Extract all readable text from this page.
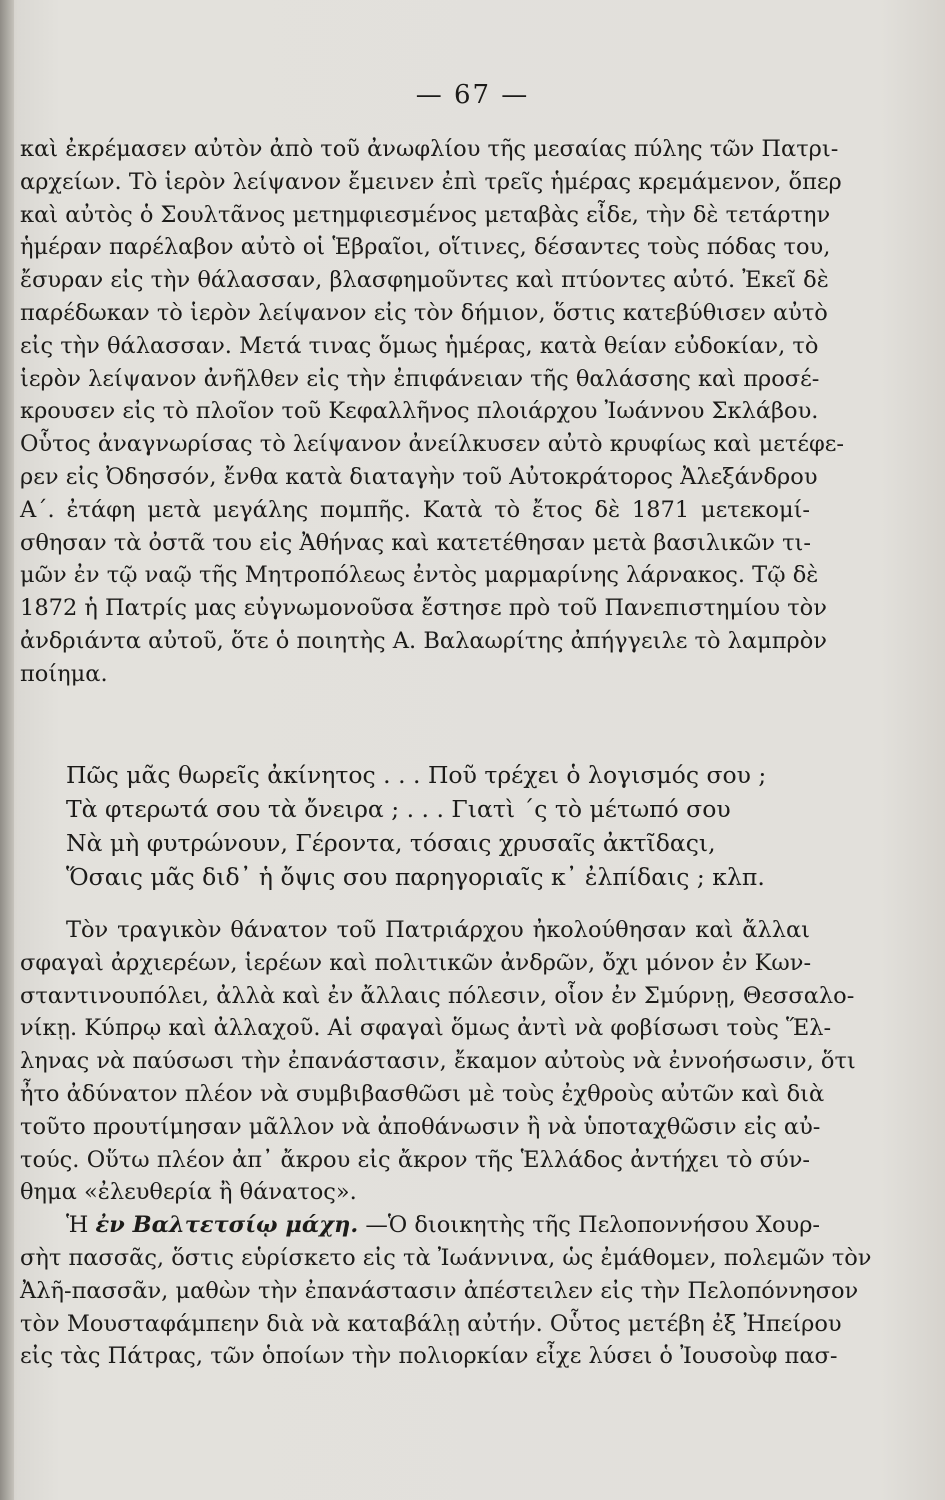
— 67 —
καὶ ἐκρέμασεν αὐτὸν ἀπὸ τοῦ ἀνωφλίου τῆς μεσαίας πύλης τῶν Πατρι-
αρχείων. Τὸ ἱερὸν λείψανον ἔμεινεν ἐπὶ τρεῖς ἡμέρας κρεμάμενον, ὅπερ
καὶ αὐτὸς ὁ Σουλτᾶνος μετημφιεσμένος μεταβὰς εἶδε, τὴν δὲ τετάρτην
ἡμέραν παρέλαβον αὐτὸ οἱ Ἑβραῖοι, οἵτινες, δέσαντες τοὺς πόδας του,
ἔσυραν εἰς τὴν θάλασσαν, βλασφημοῦντες καὶ πτύοντες αὐτό. Ἐκεῖ δὲ
παρέδωκαν τὸ ἱερὸν λείψανον εἰς τὸν δήμιον, ὅστις κατεβύθισεν αὐτὸ
εἰς τὴν θάλασσαν. Μετά τινας ὅμως ἡμέρας, κατὰ θείαν εὐδοκίαν, τὸ
ἱερὸν λείψανον ἀνῆλθεν εἰς τὴν ἐπιφάνειαν τῆς θαλάσσης καὶ προσέ-
κρουσεν εἰς τὸ πλοῖον τοῦ Κεφαλλῆνος πλοιάρχου Ἰωάννου Σκλάβου.
Οὗτος ἀναγνωρίσας τὸ λείψανον ἀνείλκυσεν αὐτὸ κρυφίως καὶ μετέφε-
ρεν εἰς Ὀδησσόν, ἔνθα κατὰ διαταγὴν τοῦ Αὐτοκράτορος Ἀλεξάνδρου
Α΄. ἐτάφη μετὰ μεγάλης πομπῆς. Κατὰ τὸ ἔτος δὲ 1871 μετεκομί-
σθησαν τὰ ὀστᾶ του εἰς Ἀθήνας καὶ κατετέθησαν μετὰ βασιλικῶν τι-
μῶν ἐν τῷ ναῷ τῆς Μητροπόλεως ἐντὸς μαρμαρίνης λάρνακος. Τῷ δὲ
1872 ἡ Πατρίς μας εὐγνωμονοῦσα ἔστησε πρὸ τοῦ Πανεπιστημίου τὸν
ἀνδριάντα αὐτοῦ, ὅτε ὁ ποιητὴς Α. Βαλαωρίτης ἀπήγγειλε τὸ λαμπρὸν
ποίημα.
Πῶς μᾶς θωρεῖς ἀκίνητος . . . Ποῦ τρέχει ὁ λογισμός σου ;
Τὰ φτερωτά σου τὰ ὄνειρα ; . . . Γιατὶ ΄ς τὸ μέτωπό σου
Νὰ μὴ φυτρώνουν, Γέροντα, τόσαις χρυσαῖς ἀκτῖδαςι,
Ὅσαις μᾶς διδ᾽ ἡ ὄψις σου παρηγοριαῖς κ᾽ ἐλπίδαις ; κλπ.
Τὸν τραγικὸν θάνατον τοῦ Πατριάρχου ἠκολούθησαν καὶ ἄλλαι
σφαγαὶ ἀρχιερέων, ἱερέων καὶ πολιτικῶν ἀνδρῶν, ὄχι μόνον ἐν Κων-
σταντινουπόλει, ἀλλὰ καὶ ἐν ἄλλαις πόλεσιν, οἷον ἐν Σμύρνῃ, Θεσσαλο-
νίκῃ. Κύπρῳ καὶ ἀλλαχοῦ. Αἱ σφαγαὶ ὅμως ἀντὶ νὰ φοβίσωσι τοὺς Ἕλ-
ληνας νὰ παύσωσι τὴν ἐπανάστασιν, ἔκαμον αὐτοὺς νὰ ἐννοήσωσιν, ὅτι
ἦτο ἀδύνατον πλέον νὰ συμβιβασθῶσι μὲ τοὺς ἐχθροὺς αὐτῶν καὶ διὰ
τοῦτο προυτίμησαν μᾶλλον νὰ ἀποθάνωσιν ἢ νὰ ὑποταχθῶσιν εἰς αὐ-
τούς. Οὕτω πλέον ἀπ᾽ ἄκρου εἰς ἄκρον τῆς Ἑλλάδος ἀντήχει τὸ σύν-
θημα «ἐλευθερία ἢ θάνατος».
Ἡ ἐν Βαλτετσίῳ μάχη. —Ὁ διοικητὴς τῆς Πελοποννήσου Χουρ-
σὴτ πασσᾶς, ὅστις εὑρίσκετο εἰς τὰ Ἰωάννινα, ὡς ἐμάθομεν, πολεμῶν τὸν
Ἀλῆ-πασσᾶν, μαθὼν τὴν ἐπανάστασιν ἀπέστειλεν εἰς τὴν Πελοπόννησον
τὸν Μουσταφάμπεην διὰ νὰ καταβάλῃ αὐτήν. Οὗτος μετέβη ἐξ Ἠπείρου
εἰς τὰς Πάτρας, τῶν ὁποίων τὴν πολιορκίαν εἶχε λύσει ὁ Ἰουσοὺφ πασ-
